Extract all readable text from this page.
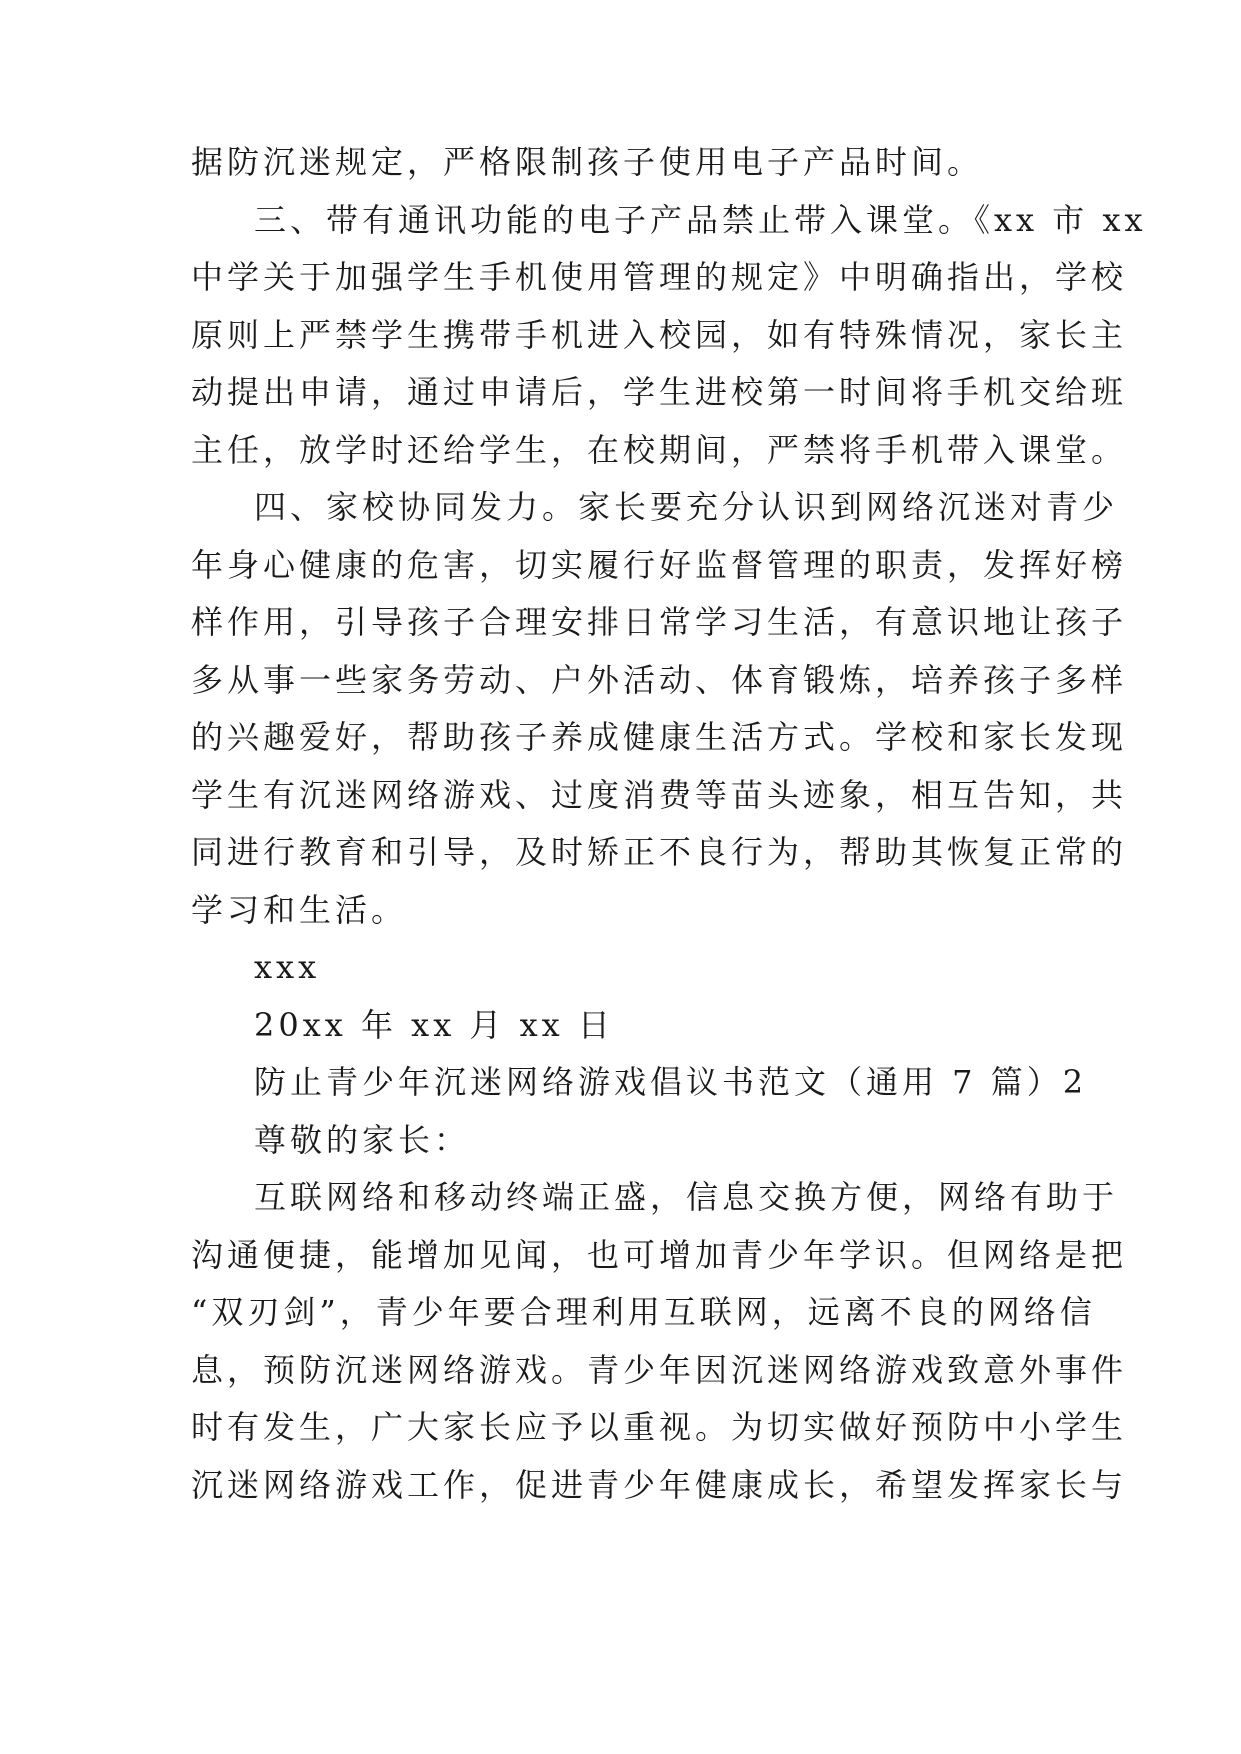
据防沉迷规定，严格限制孩子使用电子产品时间。
三、带有通讯功能的电子产品禁止带入课堂。《xx 市 xx
中学关于加强学生手机使用管理的规定》中明确指出，学校
原则上严禁学生携带手机进入校园，如有特殊情况，家长主
动提出申请，通过申请后，学生进校第一时间将手机交给班
主任，放学时还给学生，在校期间，严禁将手机带入课堂。
四、家校协同发力。家长要充分认识到网络沉迷对青少
年身心健康的危害，切实履行好监督管理的职责，发挥好榜
样作用，引导孩子合理安排日常学习生活，有意识地让孩子
多从事一些家务劳动、户外活动、体育锻炼，培养孩子多样
的兴趣爱好，帮助孩子养成健康生活方式。学校和家长发现
学生有沉迷网络游戏、过度消费等苗头迹象，相互告知，共
同进行教育和引导，及时矫正不良行为，帮助其恢复正常的
学习和生活。
xxx
20xx 年 xx 月 xx 日
防止青少年沉迷网络游戏倡议书范文（通用 7 篇）2
尊敬的家长：
互联网络和移动终端正盛，信息交换方便，网络有助于
沟通便捷，能增加见闻，也可增加青少年学识。但网络是把
“双刃剑”，青少年要合理利用互联网，远离不良的网络信
息，预防沉迷网络游戏。青少年因沉迷网络游戏致意外事件
时有发生，广大家长应予以重视。为切实做好预防中小学生
沉迷网络游戏工作，促进青少年健康成长，希望发挥家长与
